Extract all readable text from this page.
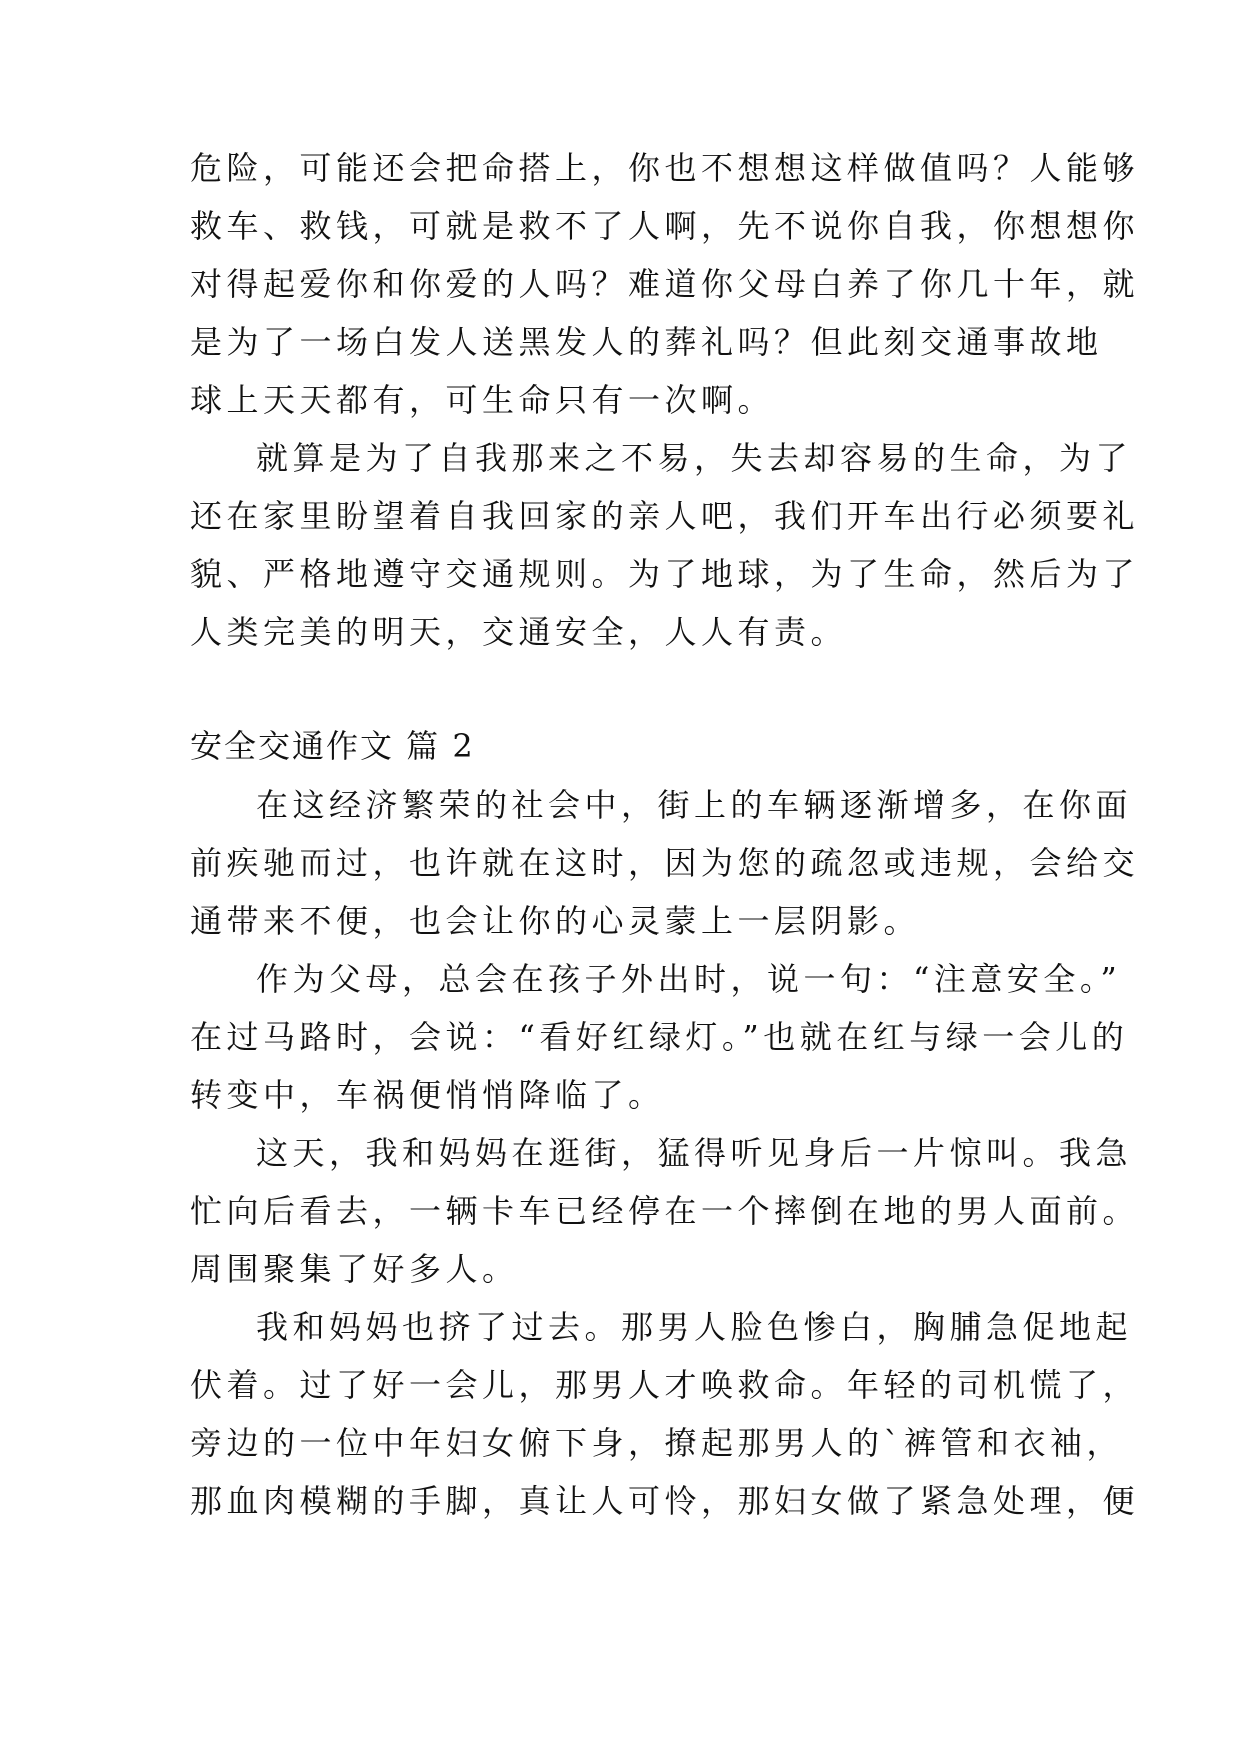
危险，可能还会把命搭上，你也不想想这样做值吗？人能够
救车、救钱，可就是救不了人啊，先不说你自我，你想想你
对得起爱你和你爱的人吗？难道你父母白养了你几十年，就
是为了一场白发人送黑发人的葬礼吗？但此刻交通事故地
球上天天都有，可生命只有一次啊。
就算是为了自我那来之不易，失去却容易的生命，为了
还在家里盼望着自我回家的亲人吧，我们开车出行必须要礼
貌、严格地遵守交通规则。为了地球，为了生命，然后为了
人类完美的明天，交通安全，人人有责。
安全交通作文 篇 2
在这经济繁荣的社会中，街上的车辆逐渐增多，在你面
前疾驰而过，也许就在这时，因为您的疏忽或违规，会给交
通带来不便，也会让你的心灵蒙上一层阴影。
作为父母，总会在孩子外出时，说一句：“注意安全。”
在过马路时，会说：“看好红绿灯。”也就在红与绿一会儿的
转变中，车祸便悄悄降临了。
这天，我和妈妈在逛街，猛得听见身后一片惊叫。我急
忙向后看去，一辆卡车已经停在一个摔倒在地的男人面前。
周围聚集了好多人。
我和妈妈也挤了过去。那男人脸色惨白，胸脯急促地起
伏着。过了好一会儿，那男人才唤救命。年轻的司机慌了，
旁边的一位中年妇女俯下身，撩起那男人的`裤管和衣袖，
那血肉模糊的手脚，真让人可怜，那妇女做了紧急处理，便
